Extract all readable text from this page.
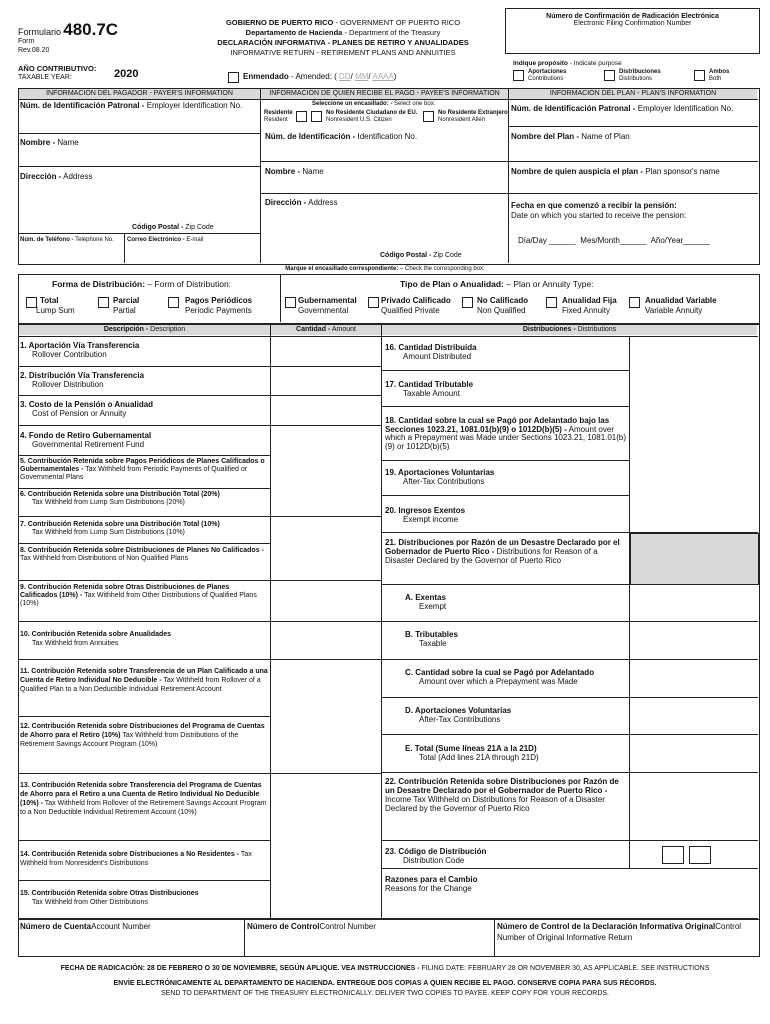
Formulario 480.7C
Form
Rev.08.20
GOBIERNO DE PUERTO RICO - GOVERNMENT OF PUERTO RICO
Departamento de Hacienda - Department of the Treasury
DECLARACIÓN INFORMATIVA - PLANES DE RETIRO Y ANUALIDADES
INFORMATIVE RETURN - RETIREMENT PLANS AND ANNUITIES
Número de Confirmación de Radicación Electrónica
Electronic Filing Confirmation Number
AÑO CONTRIBUTIVO:
TAXABLE YEAR:	2020	Enmendado - Amended: ( DD/ MM/ AAAA)
Indique propósito - Indicate purpose
Aportaciones
Contributions
Distribuciones
Distributions
Ambos
Both
INFORMACIÓN DEL PAGADOR - PAYER'S INFORMATION	INFORMACIÓN DE QUIEN RECIBE EL PAGO - PAYEE'S INFORMATION	INFORMACIÓN DEL PLAN - PLAN'S INFORMATION
Núm. de Identificación Patronal - Employer Identification No.
Nombre - Name
Dirección - Address
Código Postal - Zip Code
Núm. de Teléfono - Telephone No. Correo Electrónico - E-mail
Seleccione un encasillado: - Select one box:
Residente
Resident
No Residente Ciudadano de EU.
Nonresident U.S. Citizen
No Residente Extranjero
Nonresident Alien
Núm. de Identificación - Identification No.
Nombre - Name
Dirección - Address
Código Postal - Zip Code
Núm. de Identificación Patronal - Employer Identification No.
Nombre del Plan - Name of Plan
Nombre de quien auspicia el plan - Plan sponsor's name
Fecha en que comenzó a recibir la pensión:
Date on which you started to receive the pension:
Día/Day ______ Mes/Month______ Año/Year______
Marque el encasillado correspondiente: – Check the corresponding box:
Forma de Distribución: – Form of Distribution:	Tipo de Plan o Anualidad: – Plan or Annuity Type:
Total
Lump Sum
Parcial
Partial
Pagos Periódicos
Periodic Payments
Gubernamental
Governmental
Privado Calificado
Qualified Private
No Calificado
Non Qualified
Anualidad Fija
Fixed Annuity
Anualidad Variable
Variable Annuity
Descripción - Description	Cantidad - Amount	Distribuciones - Distributions
1. Aportación Vía Transferencia
Rollover Contribution
2. Distribución Vía Transferencia
Rollover Distribution
3. Costo de la Pensión o Anualidad
Cost of Pension or Annuity
4. Fondo de Retiro Gubernamental
Governmental Retirement Fund
5. Contribución Retenida sobre Pagos Periódicos de Planes Calificados o Gubernamentales - Tax Withheld from Periodic Payments of Qualified or Governmental Plans
6. Contribución Retenida sobre una Distribución Total (20%)
Tax Withheld from Lump Sum Distributions (20%)
7. Contribución Retenida sobre una Distribución Total (10%)
Tax Withheld from Lump Sum Distributions (10%)
8. Contribución Retenida sobre Distribuciones de Planes No Calificados - Tax Withheld from Distributions of Non Qualified Plans
9. Contribución Retenida sobre Otras Distribuciones de Planes Calificados (10%) - Tax Withheld from Other Distributions of Qualified Plans (10%)
10. Contribución Retenida sobre Anualidades
Tax Withheld from Annuities
11. Contribución Retenida sobre Transferencia de un Plan Calificado a una Cuenta de Retiro Individual No Deducible - Tax Withheld from Rollover of a Qualified Plan to a Non Deductible Individual Retirement Account
12. Contribución Retenida sobre Distribuciones del Programa de Cuentas de Ahorro para el Retiro (10%) Tax Withheld from Distributions of the Retirement Savings Account Program (10%)
13. Contribución Retenida sobre Transferencia del Programa de Cuentas de Ahorro para el Retiro a una Cuenta de Retiro Individual No Deducible (10%) - Tax Withheld from Rollover of the Retirement Savings Account Program to a Non Deductible Individual Retirement Account (10%)
14. Contribución Retenida sobre Distribuciones a No Residentes - Tax Withheld from Nonresident's Distributions
15. Contribución Retenida sobre Otras Distribuciones
Tax Withheld from Other Distributions
16. Cantidad Distribuida
Amount Distributed
17. Cantidad Tributable
Taxable Amount
18. Cantidad sobre la cual se Pagó por Adelantado bajo las Secciones 1023.21, 1081.01(b)(9) o 1012D(b)(5) - Amount over which a Prepayment was Made under Sections 1023.21, 1081.01(b)(9) or 1012D(b)(5)
19. Aportaciones Voluntarias
After-Tax Contributions
20. Ingresos Exentos
Exempt income
21. Distribuciones por Razón de un Desastre Declarado por el Gobernador de Puerto Rico - Distributions for Reason of a Disaster Declared by the Governor of Puerto Rico
A. Exentas
Exempt
B. Tributables
Taxable
C. Cantidad sobre la cual se Pagó por Adelantado
Amount over which a Prepayment was Made
D. Aportaciones Voluntarias
After-Tax Contributions
E. Total (Sume líneas 21A a la 21D)
Total (Add lines 21A through 21D)
22. Contribución Retenida sobre Distribuciones por Razón de un Desastre Declarado por el Gobernador de Puerto Rico - Income Tax Withheld on Distributions for Reason of a Disaster Declared by the Governor of Puerto Rico
23. Código de Distribución
Distribution Code
Razones para el Cambio
Reasons for the Change
Número de CuentaAccount Number	Número de ControlControl Number	Número de Control de la Declaración Informativa OriginalControl Number of Original Informative Return
FECHA DE RADICACIÓN: 28 DE FEBRERO O 30 DE NOVIEMBRE, SEGÚN APLIQUE. VEA INSTRUCCIONES - FILING DATE: FEBRUARY 28 OR NOVEMBER 30, AS APPLICABLE. SEE INSTRUCTIONS
ENVÍE ELECTRÓNICAMENTE AL DEPARTAMENTO DE HACIENDA. ENTREGUE DOS COPIAS A QUIEN RECIBE EL PAGO. CONSERVE COPIA PARA SUS RÉCORDS.
SEND TO DEPARTMENT OF THE TREASURY ELECTRONICALLY. DELIVER TWO COPIES TO PAYEE. KEEP COPY FOR YOUR RECORDS.
